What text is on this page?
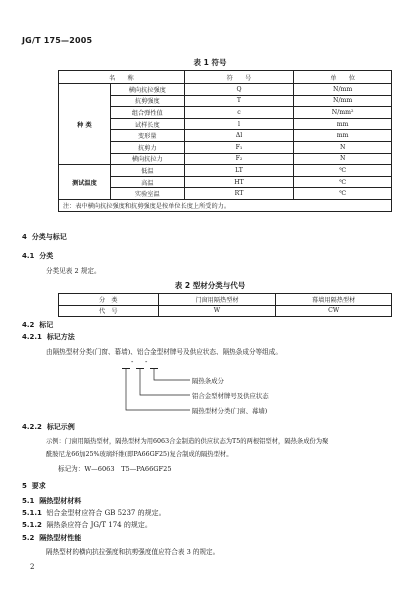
JG/T 175—2005
表 1 符号
名　　称		符　　号	单　　位
种 类	横向抗拉强度	Q	N/mm
	抗剪强度	T	N/mm
	组合弹性值	c	N/mm²
	试样长度	l	mm
	变形量	Δl	mm
	抗剪力	F₁	N
	横向抗拉力	F₂	N
测试温度	低温	LT	℃
	高温	HT	℃
	实验室温	RT	℃
注：表中横向抗拉强度和抗剪强度是按单位长度上所受的力。			
4 分类与标记
4.1 分类
分类见表 2 规定。
表 2 型材分类与代号
分　类	门窗用隔热型材	幕墙用隔热型材
代　号	W	CW
4.2 标记
4.2.1 标记方法
由隔热型材分类(门窗、幕墙)、铝合金型材牌号及供应状态、隔热条成分等组成。
- -
隔热条成分
铝合金型材牌号及供应状态
隔热型材分类(门窗、幕墙)
4.2.2 标记示例
示例：门窗用隔热型材，隔热型材为用6063合金制造的供应状态为T5的两根铝型材，隔热条成份为聚
酰胺尼龙66加25%玻璃纤维(即PA66GF25)复合制成的隔热型材。
标记为：W—6063　T5—PA66GF25
5 要求
5.1 隔热型材材料
5.1.1 铝合金型材应符合 GB 5237 的规定。
5.1.2 隔热条应符合 JG/T 174 的规定。
5.2 隔热型材性能
隔热型材的横向抗拉强度和抗剪强度值应符合表 3 的规定。
2
